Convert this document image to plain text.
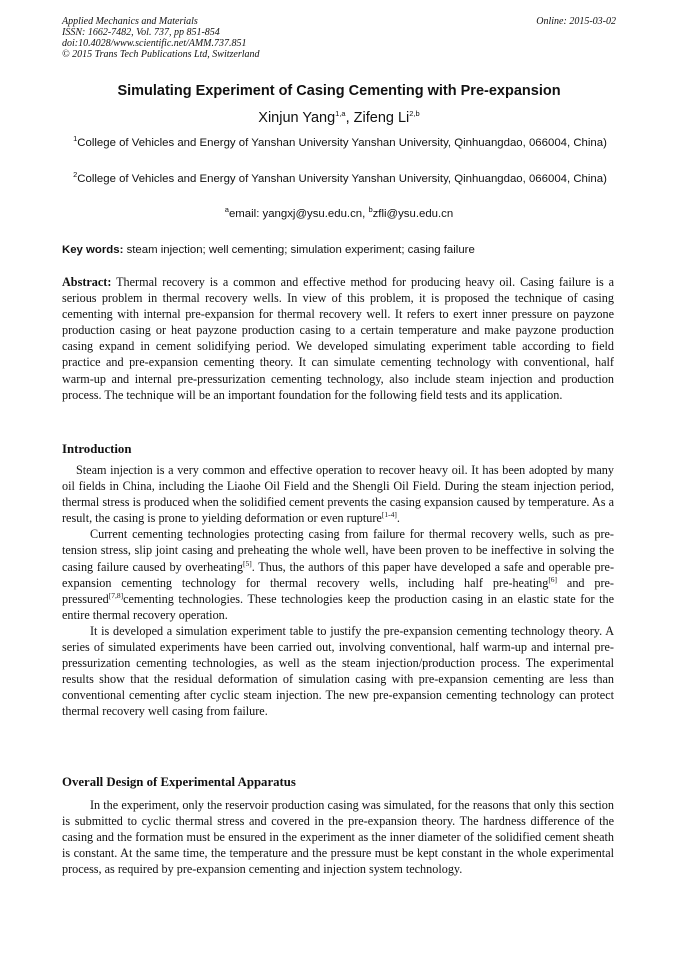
Applied Mechanics and Materials
ISSN: 1662-7482, Vol. 737, pp 851-854
doi:10.4028/www.scientific.net/AMM.737.851
© 2015 Trans Tech Publications Ltd, Switzerland
Online: 2015-03-02
Simulating Experiment of Casing Cementing with Pre-expansion
Xinjun Yang$^{1,a}$, Zifeng Li$^{2,b}$
$^1$College of Vehicles and Energy of Yanshan University Yanshan University, Qinhuangdao, 066004, China)
$^2$College of Vehicles and Energy of Yanshan University Yanshan University, Qinhuangdao, 066004, China)
$^a$email: yangxj@ysu.edu.cn, $^b$zfli@ysu.edu.cn
Key words: steam injection; well cementing; simulation experiment; casing failure
Abstract: Thermal recovery is a common and effective method for producing heavy oil. Casing failure is a serious problem in thermal recovery wells. In view of this problem, it is proposed the technique of casing cementing with internal pre-expansion for thermal recovery well. It refers to exert inner pressure on payzone production casing or heat payzone production casing to a certain temperature and make payzone production casing expand in cement solidifying period. We developed simulating experiment table according to field practice and pre-expansion cementing theory. It can simulate cementing technology with conventional, half warm-up and internal pre-pressurization cementing technology, also include steam injection and production process. The technique will be an important foundation for the following field tests and its application.
Introduction

Steam injection is a very common and effective operation to recover heavy oil. It has been adopted by many oil fields in China, including the Liaohe Oil Field and the Shengli Oil Field. During the steam injection period, thermal stress is produced when the solidified cement prevents the casing expansion caused by temperature. As a result, the casing is prone to yielding deformation or even rupture[1-4].

Current cementing technologies protecting casing from failure for thermal recovery wells, such as pre-tension stress, slip joint casing and preheating the whole well, have been proven to be ineffective in solving the casing failure caused by overheating[5]. Thus, the authors of this paper have developed a safe and operable pre-expansion cementing technology for thermal recovery wells, including half pre-heating[6] and pre-pressured[7,8]cementing technologies. These technologies keep the production casing in an elastic state for the entire thermal recovery operation.

It is developed a simulation experiment table to justify the pre-expansion cementing technology theory. A series of simulated experiments have been carried out, involving conventional, half warm-up and internal pre-pressurization cementing technologies, as well as the steam injection/production process. The experimental results show that the residual deformation of simulation casing with pre-expansion cementing are less than conventional cementing after cyclic steam injection. The new pre-expansion cementing technology can protect thermal recovery well casing from failure.

Overall Design of Experimental Apparatus

In the experiment, only the reservoir production casing was simulated, for the reasons that only this section is submitted to cyclic thermal stress and covered in the pre-expansion theory. The hardness difference of the casing and the formation must be ensured in the experiment as the inner diameter of the solidified cement sheath is constant. At the same time, the temperature and the pressure must be kept constant in the whole experimental process, as required by pre-expansion cementing and injection system technology.
